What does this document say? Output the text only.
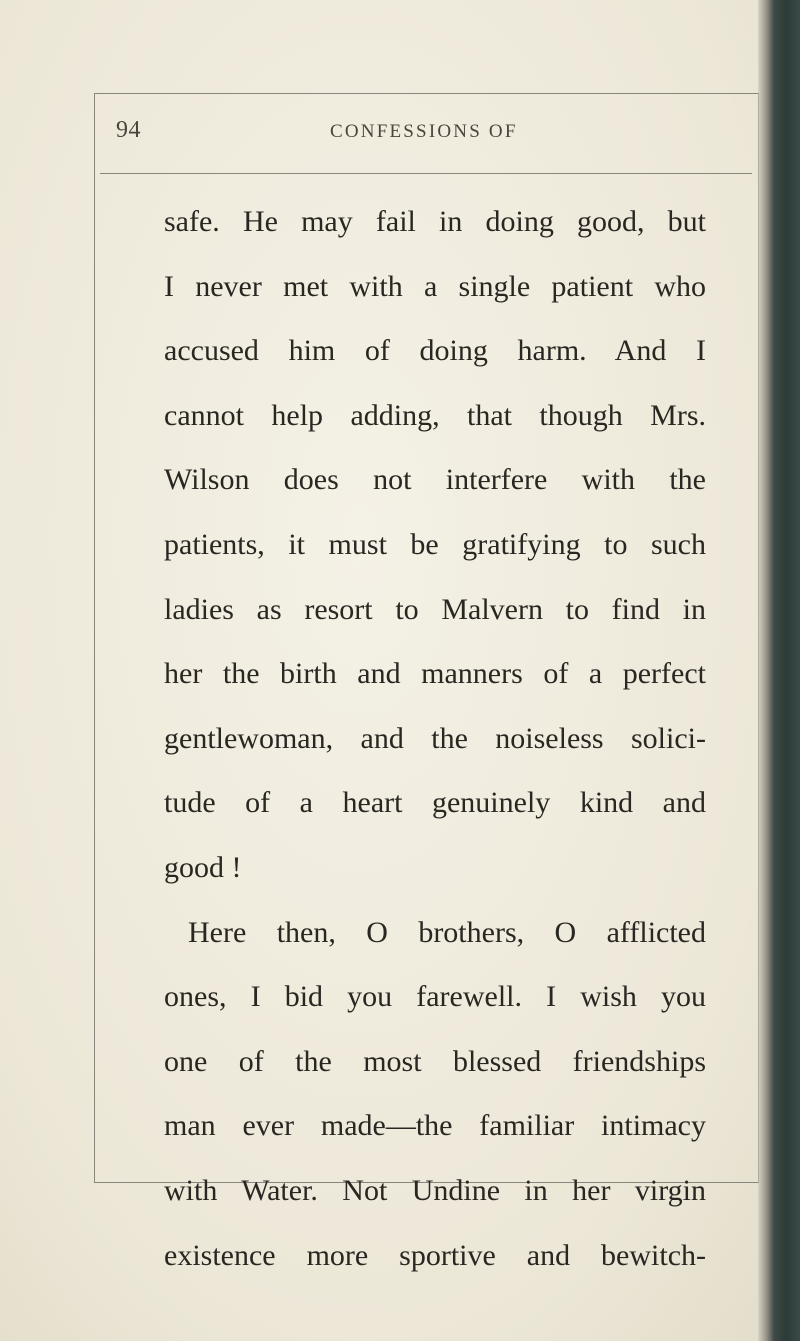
94	CONFESSIONS OF
safe. He may fail in doing good, but
I never met with a single patient who
accused him of doing harm. And I
cannot help adding, that though Mrs.
Wilson does not interfere with the
patients, it must be gratifying to such
ladies as resort to Malvern to find in
her the birth and manners of a perfect
gentlewoman, and the noiseless solici-
tude of a heart genuinely kind and
good !
Here then, O brothers, O afflicted
ones, I bid you farewell. I wish you
one of the most blessed friendships
man ever made—the familiar intimacy
with Water. Not Undine in her virgin
existence more sportive and bewitch-
